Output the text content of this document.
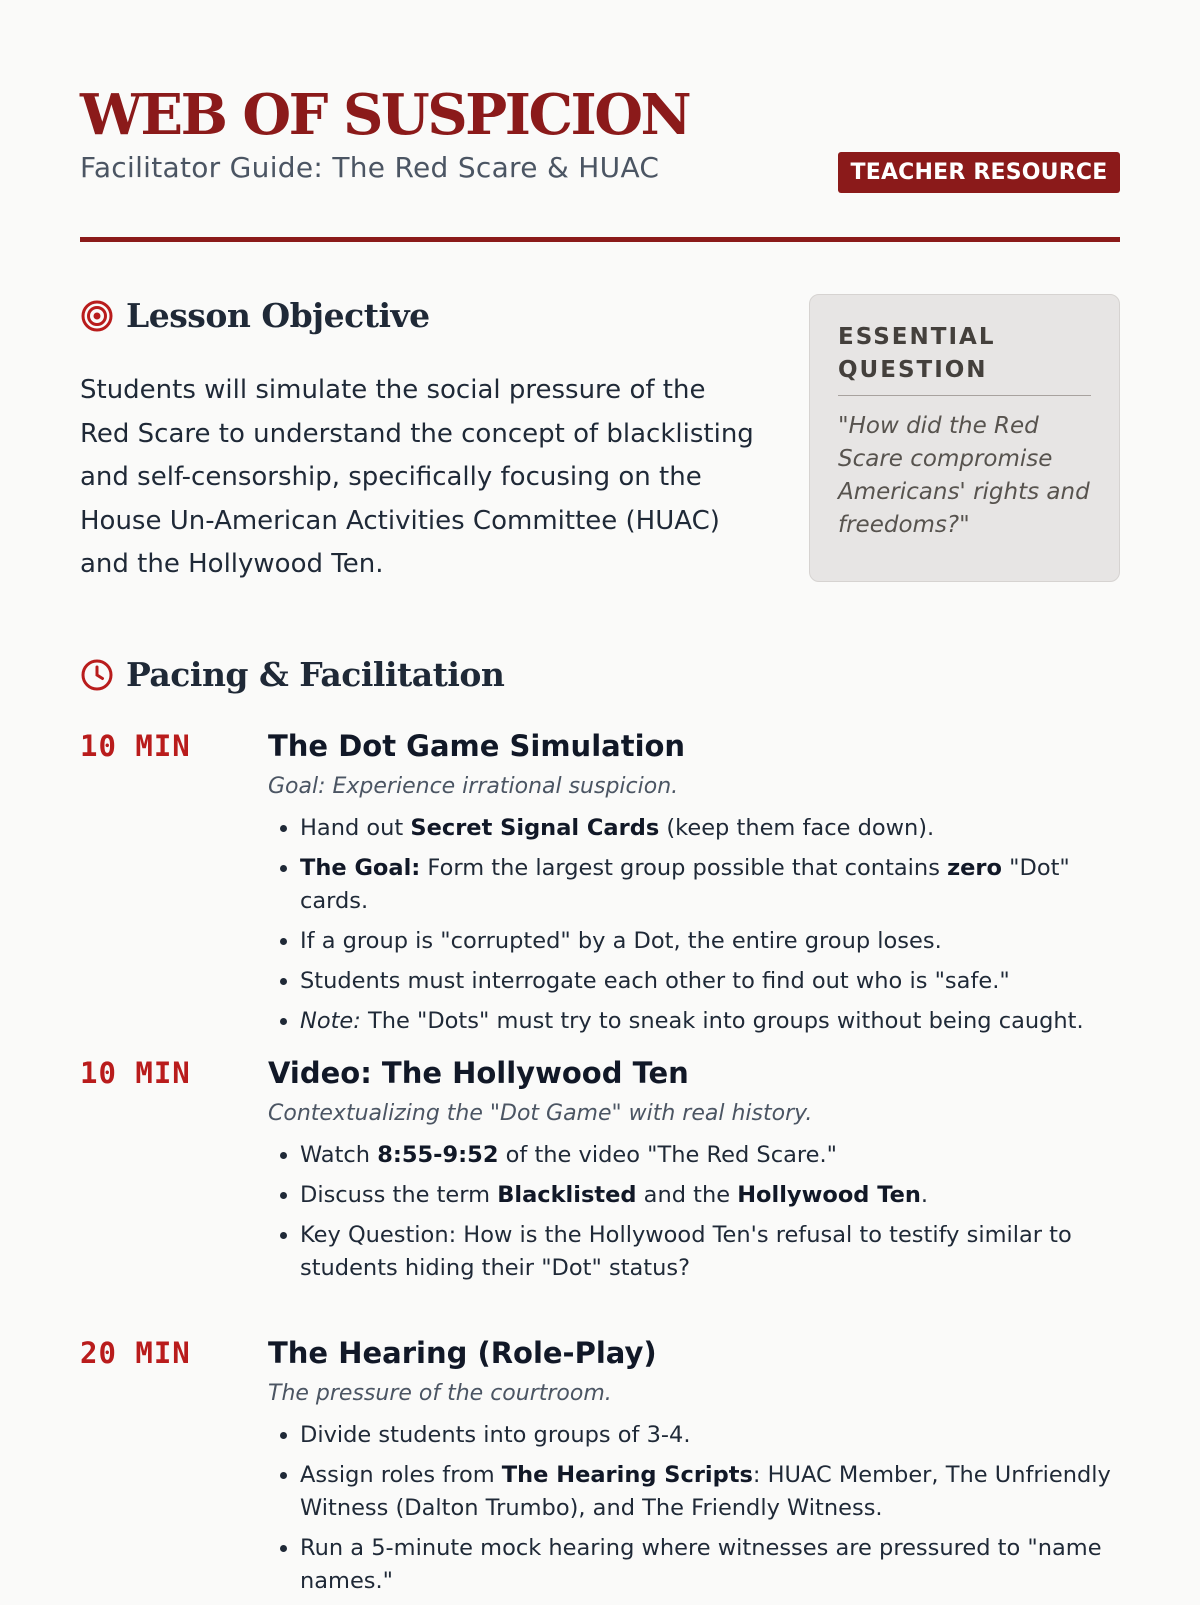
WEB OF SUSPICION
Facilitator Guide: The Red Scare & HUAC	TEACHER RESOURCE
Lesson Objective

Students will simulate the social pressure of the Red Scare to understand the concept of blacklisting and self-censorship, specifically focusing on the House Un-American Activities Committee (HUAC) and the Hollywood Ten.

ESSENTIAL QUESTION
"How did the Red Scare compromise Americans' rights and freedoms?"
Pacing & Facilitation
10 MIN	The Dot Game Simulation
Goal: Experience irrational suspicion.
• Hand out Secret Signal Cards (keep them face down).
• The Goal: Form the largest group possible that contains zero "Dot" cards.
• If a group is "corrupted" by a Dot, the entire group loses.
• Students must interrogate each other to find out who is "safe."
• Note: The "Dots" must try to sneak into groups without being caught.
10 MIN	Video: The Hollywood Ten
Contextualizing the "Dot Game" with real history.
• Watch 8:55-9:52 of the video "The Red Scare."
• Discuss the term Blacklisted and the Hollywood Ten.
• Key Question: How is the Hollywood Ten's refusal to testify similar to students hiding their "Dot" status?
20 MIN	The Hearing (Role-Play)
The pressure of the courtroom.
• Divide students into groups of 3-4.
• Assign roles from The Hearing Scripts: HUAC Member, The Unfriendly Witness (Dalton Trumbo), and The Friendly Witness.
• Run a 5-minute mock hearing where witnesses are pressured to "name names."
